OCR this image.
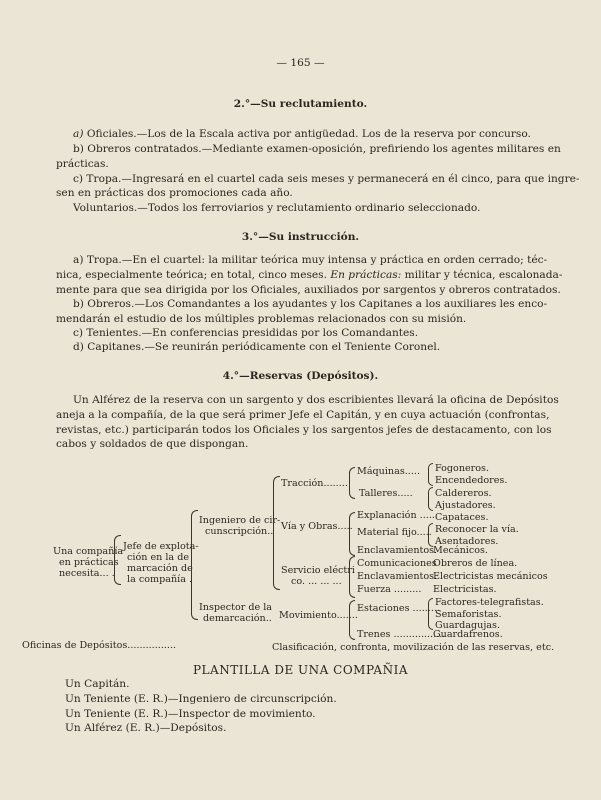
— 165 —
2.°—Su reclutamiento.
a) Oficiales.—Los de la Escala activa por antigüedad. Los de la reserva por concurso.
b) Obreros contratados.—Mediante examen-oposición, prefiriendo los agentes militares en
prácticas.
c) Tropa.—Ingresará en el cuartel cada seis meses y permanecerá en él cinco, para que ingre-
sen en prácticas dos promociones cada año.
Voluntarios.—Todos los ferroviarios y reclutamiento ordinario seleccionado.
3.°—Su instrucción.
a) Tropa.—En el cuartel: la militar teórica muy intensa y práctica en orden cerrado; téc-
nica, especialmente teórica; en total, cinco meses. En prácticas: militar y técnica, escalonada-
mente para que sea dirigida por los Oficiales, auxiliados por sargentos y obreros contratados.
b) Obreros.—Los Comandantes a los ayudantes y los Capitanes a los auxiliares les enco-
mendarán el estudio de los múltiples problemas relacionados con su misión.
c) Tenientes.—En conferencias presididas por los Comandantes.
d) Capitanes.—Se reunirán periódicamente con el Teniente Coronel.
4.°—Reservas (Depósitos).
Un Alférez de la reserva con un sargento y dos escribientes llevará la oficina de Depósitos
aneja a la compañía, de la que será primer Jefe el Capitán, y en cuya actuación (confrontas,
revistas, etc.) participarán todos los Oficiales y los sargentos jefes de destacamento, con los
cabos y soldados de que dispongan.
Una compañía
en prácticas
necesita... .
Jefe de explota-
ción en la de
marcación de
la compañía .
Ingeniero de cir-
cunscripción..
Inspector de la
demarcación..
Tracción........
Vía y Obras.....
Servicio eléctri
co. ... ... ...
Movimiento.......
Máquinas.....
Talleres.....
Explanación .....
Material fijo.....
Enclavamientos.
Comunicaciones
Enclavamientos.
Fuerza .........
Estaciones .........
Trenes .................
Fogoneros.
Encendedores.
Caldereros.
Ajustadores.
Capataces.
Reconocer la vía.
Asentadores.
Mecánicos.
Obreros de línea.
Electricistas mecánicos
Electricistas.
Factores-telegrafistas.
Semaforistas.
Guardagujas.
Guardafrenos.
Oficinas de Depósitos................	Clasificación, confronta, movilización de las reservas, etc.
PLANTILLA DE UNA COMPAÑIA
Un Capitán.
Un Teniente (E. R.)—Ingeniero de circunscripción.
Un Teniente (E. R.)—Inspector de movimiento.
Un Alférez (E. R.)—Depósitos.
